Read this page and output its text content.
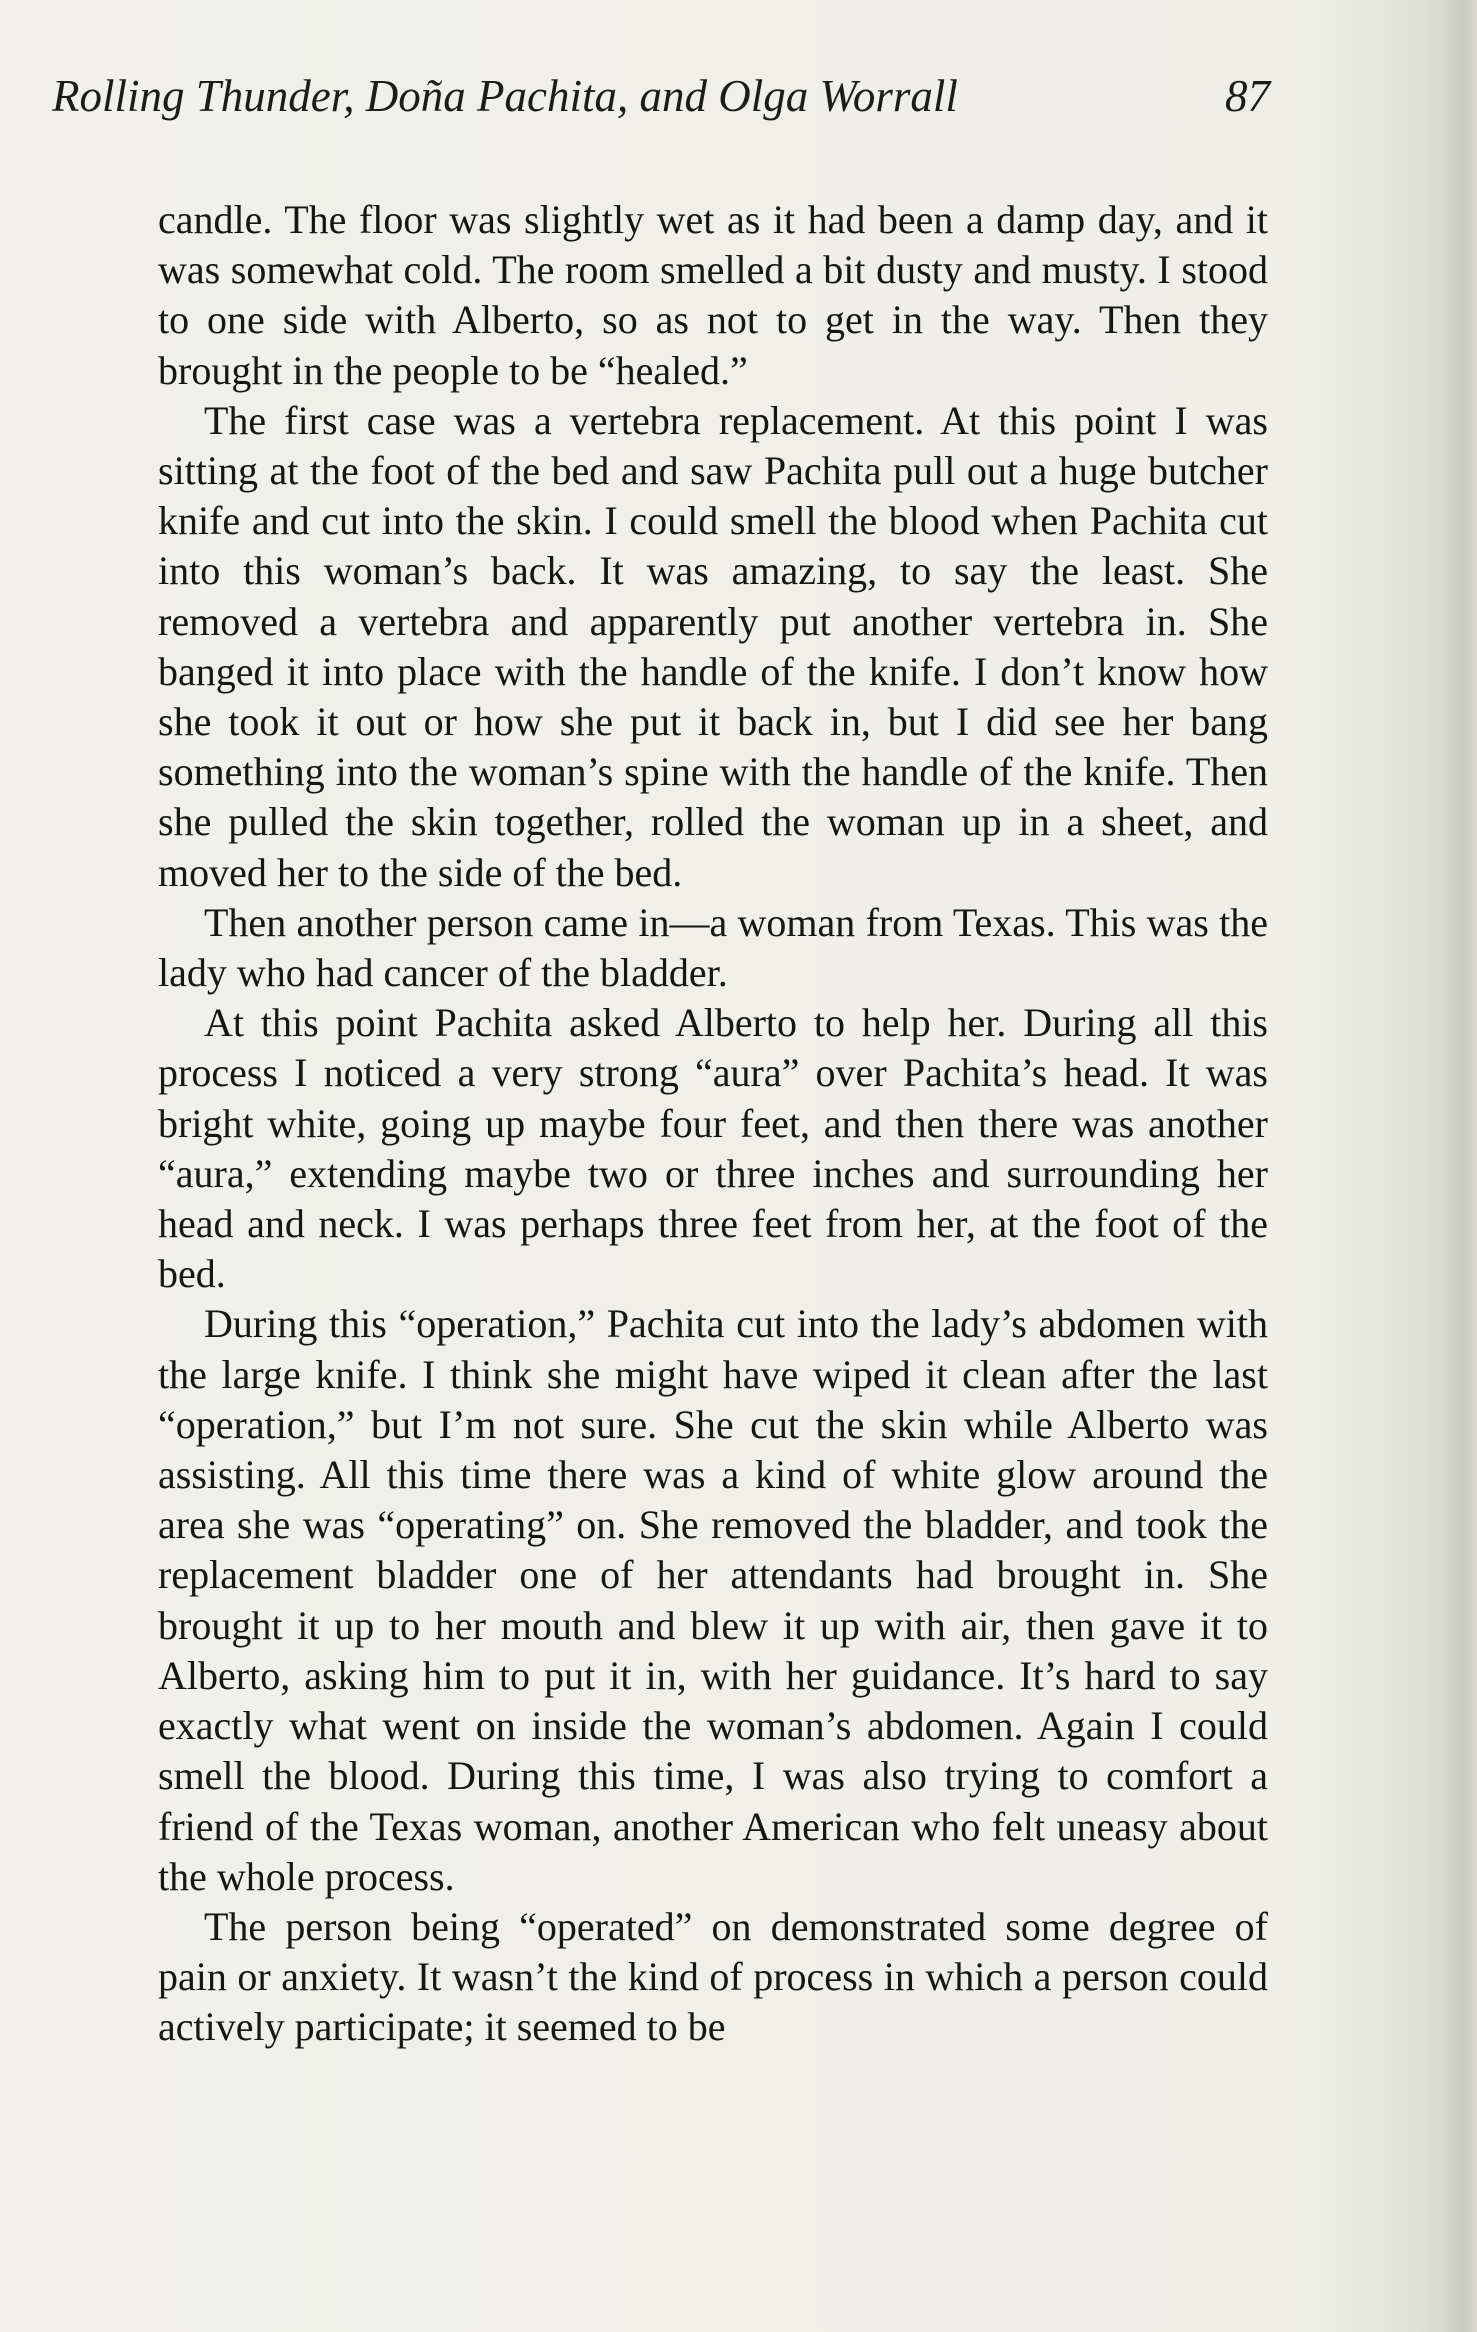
Rolling Thunder, Doña Pachita, and Olga Worrall	87

candle. The floor was slightly wet as it had been a damp day, and it was somewhat cold. The room smelled a bit dusty and musty. I stood to one side with Alberto, so as not to get in the way. Then they brought in the people to be “healed.”

The first case was a vertebra replacement. At this point I was sitting at the foot of the bed and saw Pachita pull out a huge butcher knife and cut into the skin. I could smell the blood when Pachita cut into this woman’s back. It was amazing, to say the least. She removed a vertebra and apparently put another vertebra in. She banged it into place with the handle of the knife. I don’t know how she took it out or how she put it back in, but I did see her bang something into the woman’s spine with the handle of the knife. Then she pulled the skin together, rolled the woman up in a sheet, and moved her to the side of the bed.

Then another person came in—a woman from Texas. This was the lady who had cancer of the bladder.

At this point Pachita asked Alberto to help her. During all this process I noticed a very strong “aura” over Pachita’s head. It was bright white, going up maybe four feet, and then there was another “aura,” extending maybe two or three inches and surrounding her head and neck. I was perhaps three feet from her, at the foot of the bed.

During this “operation,” Pachita cut into the lady’s abdomen with the large knife. I think she might have wiped it clean after the last “operation,” but I’m not sure. She cut the skin while Alberto was assisting. All this time there was a kind of white glow around the area she was “operating” on. She removed the bladder, and took the replacement bladder one of her attendants had brought in. She brought it up to her mouth and blew it up with air, then gave it to Alberto, asking him to put it in, with her guidance. It’s hard to say exactly what went on inside the woman’s abdomen. Again I could smell the blood. During this time, I was also trying to comfort a friend of the Texas woman, another American who felt uneasy about the whole process.

The person being “operated” on demonstrated some degree of pain or anxiety. It wasn’t the kind of process in which a person could actively participate; it seemed to be
